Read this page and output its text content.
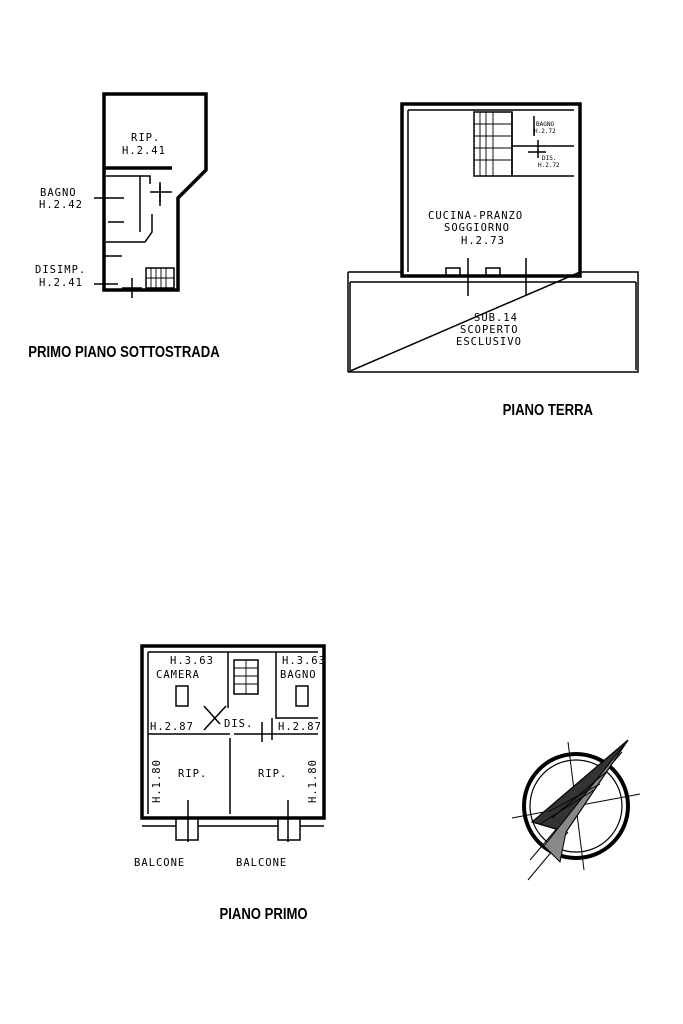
RIP.
H.2.41
BAGNO
H.2.42
DISIMP.
H.2.41
PRIMO PIANO SOTTOSTRADA
BAGNO
H.2.72
DIS.
H.2.72
CUCINA-PRANZO
SOGGIORNO
H.2.73
SUB.14
SCOPERTO
ESCLUSIVO
PIANO TERRA
H.3.63
CAMERA
H.3.63
BAGNO
H.2.87	DIS. H.2.87
RIP.	RIP.
H.1.80	H.1.80
BALCONE	BALCONE
PIANO PRIMO
